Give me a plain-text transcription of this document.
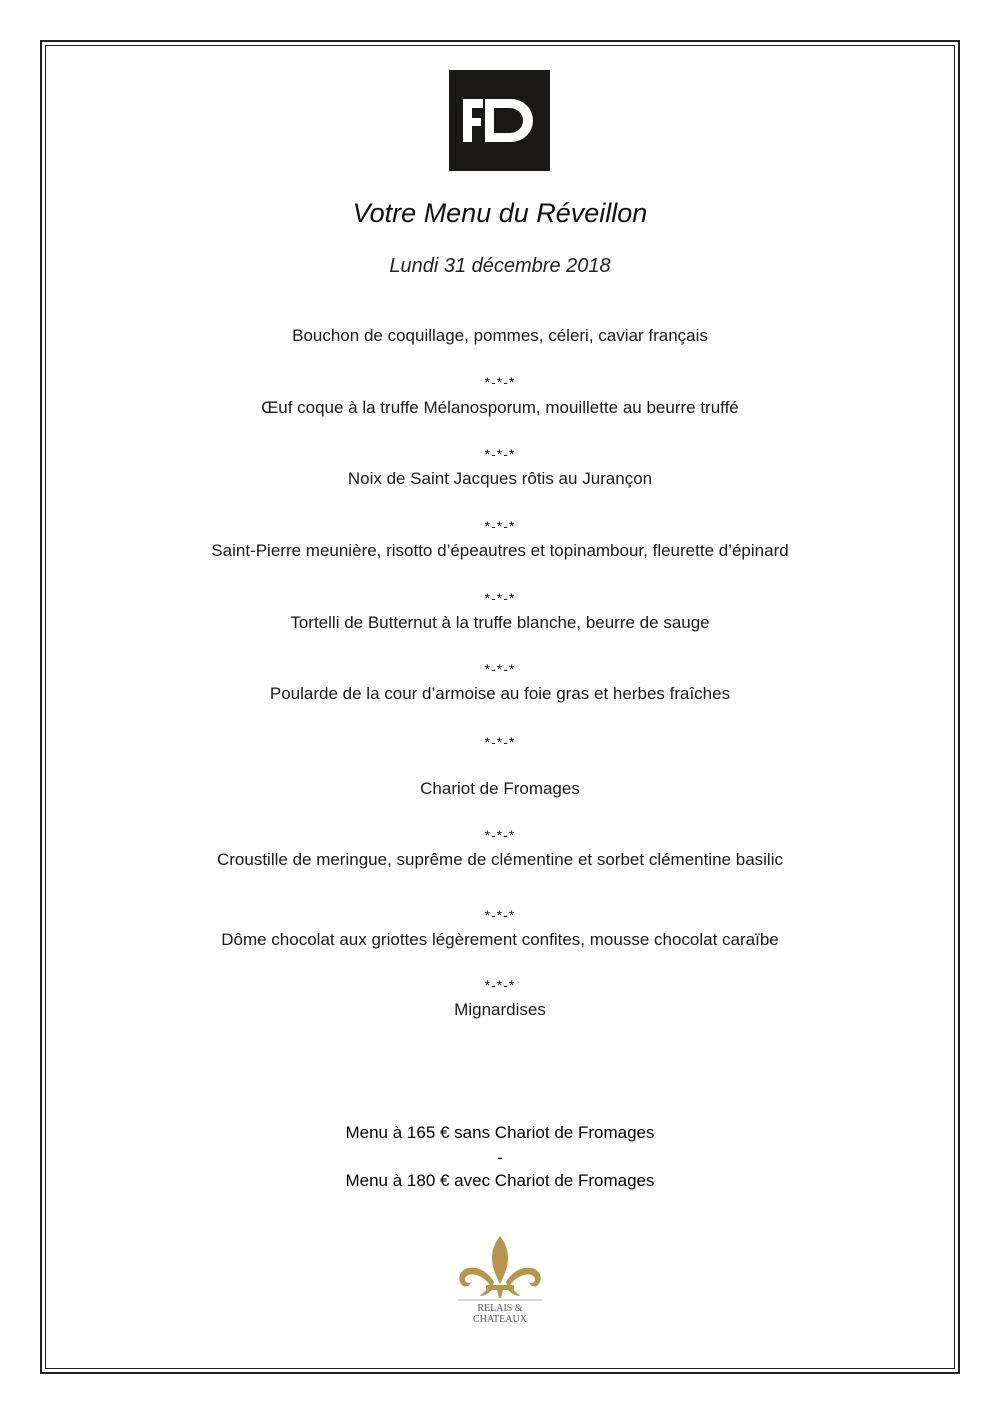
Votre Menu du Réveillon
Lundi 31 décembre 2018
Bouchon de coquillage, pommes, céleri, caviar français
*-*-*
Œuf coque à la truffe Mélanosporum, mouillette au beurre truffé
*-*-*
Noix de Saint Jacques rôtis au Jurançon
*-*-*
Saint-Pierre meunière, risotto d’épeautres et topinambour, fleurette d’épinard
*-*-*
Tortelli de Butternut à la truffe blanche, beurre de sauge
*-*-*
Poularde de la cour d’armoise au foie gras et herbes fraîches
*-*-*
Chariot de Fromages
*-*-*
Croustille de meringue, suprême de clémentine et sorbet clémentine basilic
*-*-*
Dôme chocolat aux griottes légèrement confites, mousse chocolat caraïbe
*-*-*
Mignardises
Menu à 165 € sans Chariot de Fromages
-
Menu à 180 € avec Chariot de Fromages
RELAIS &
CHATEAUX
